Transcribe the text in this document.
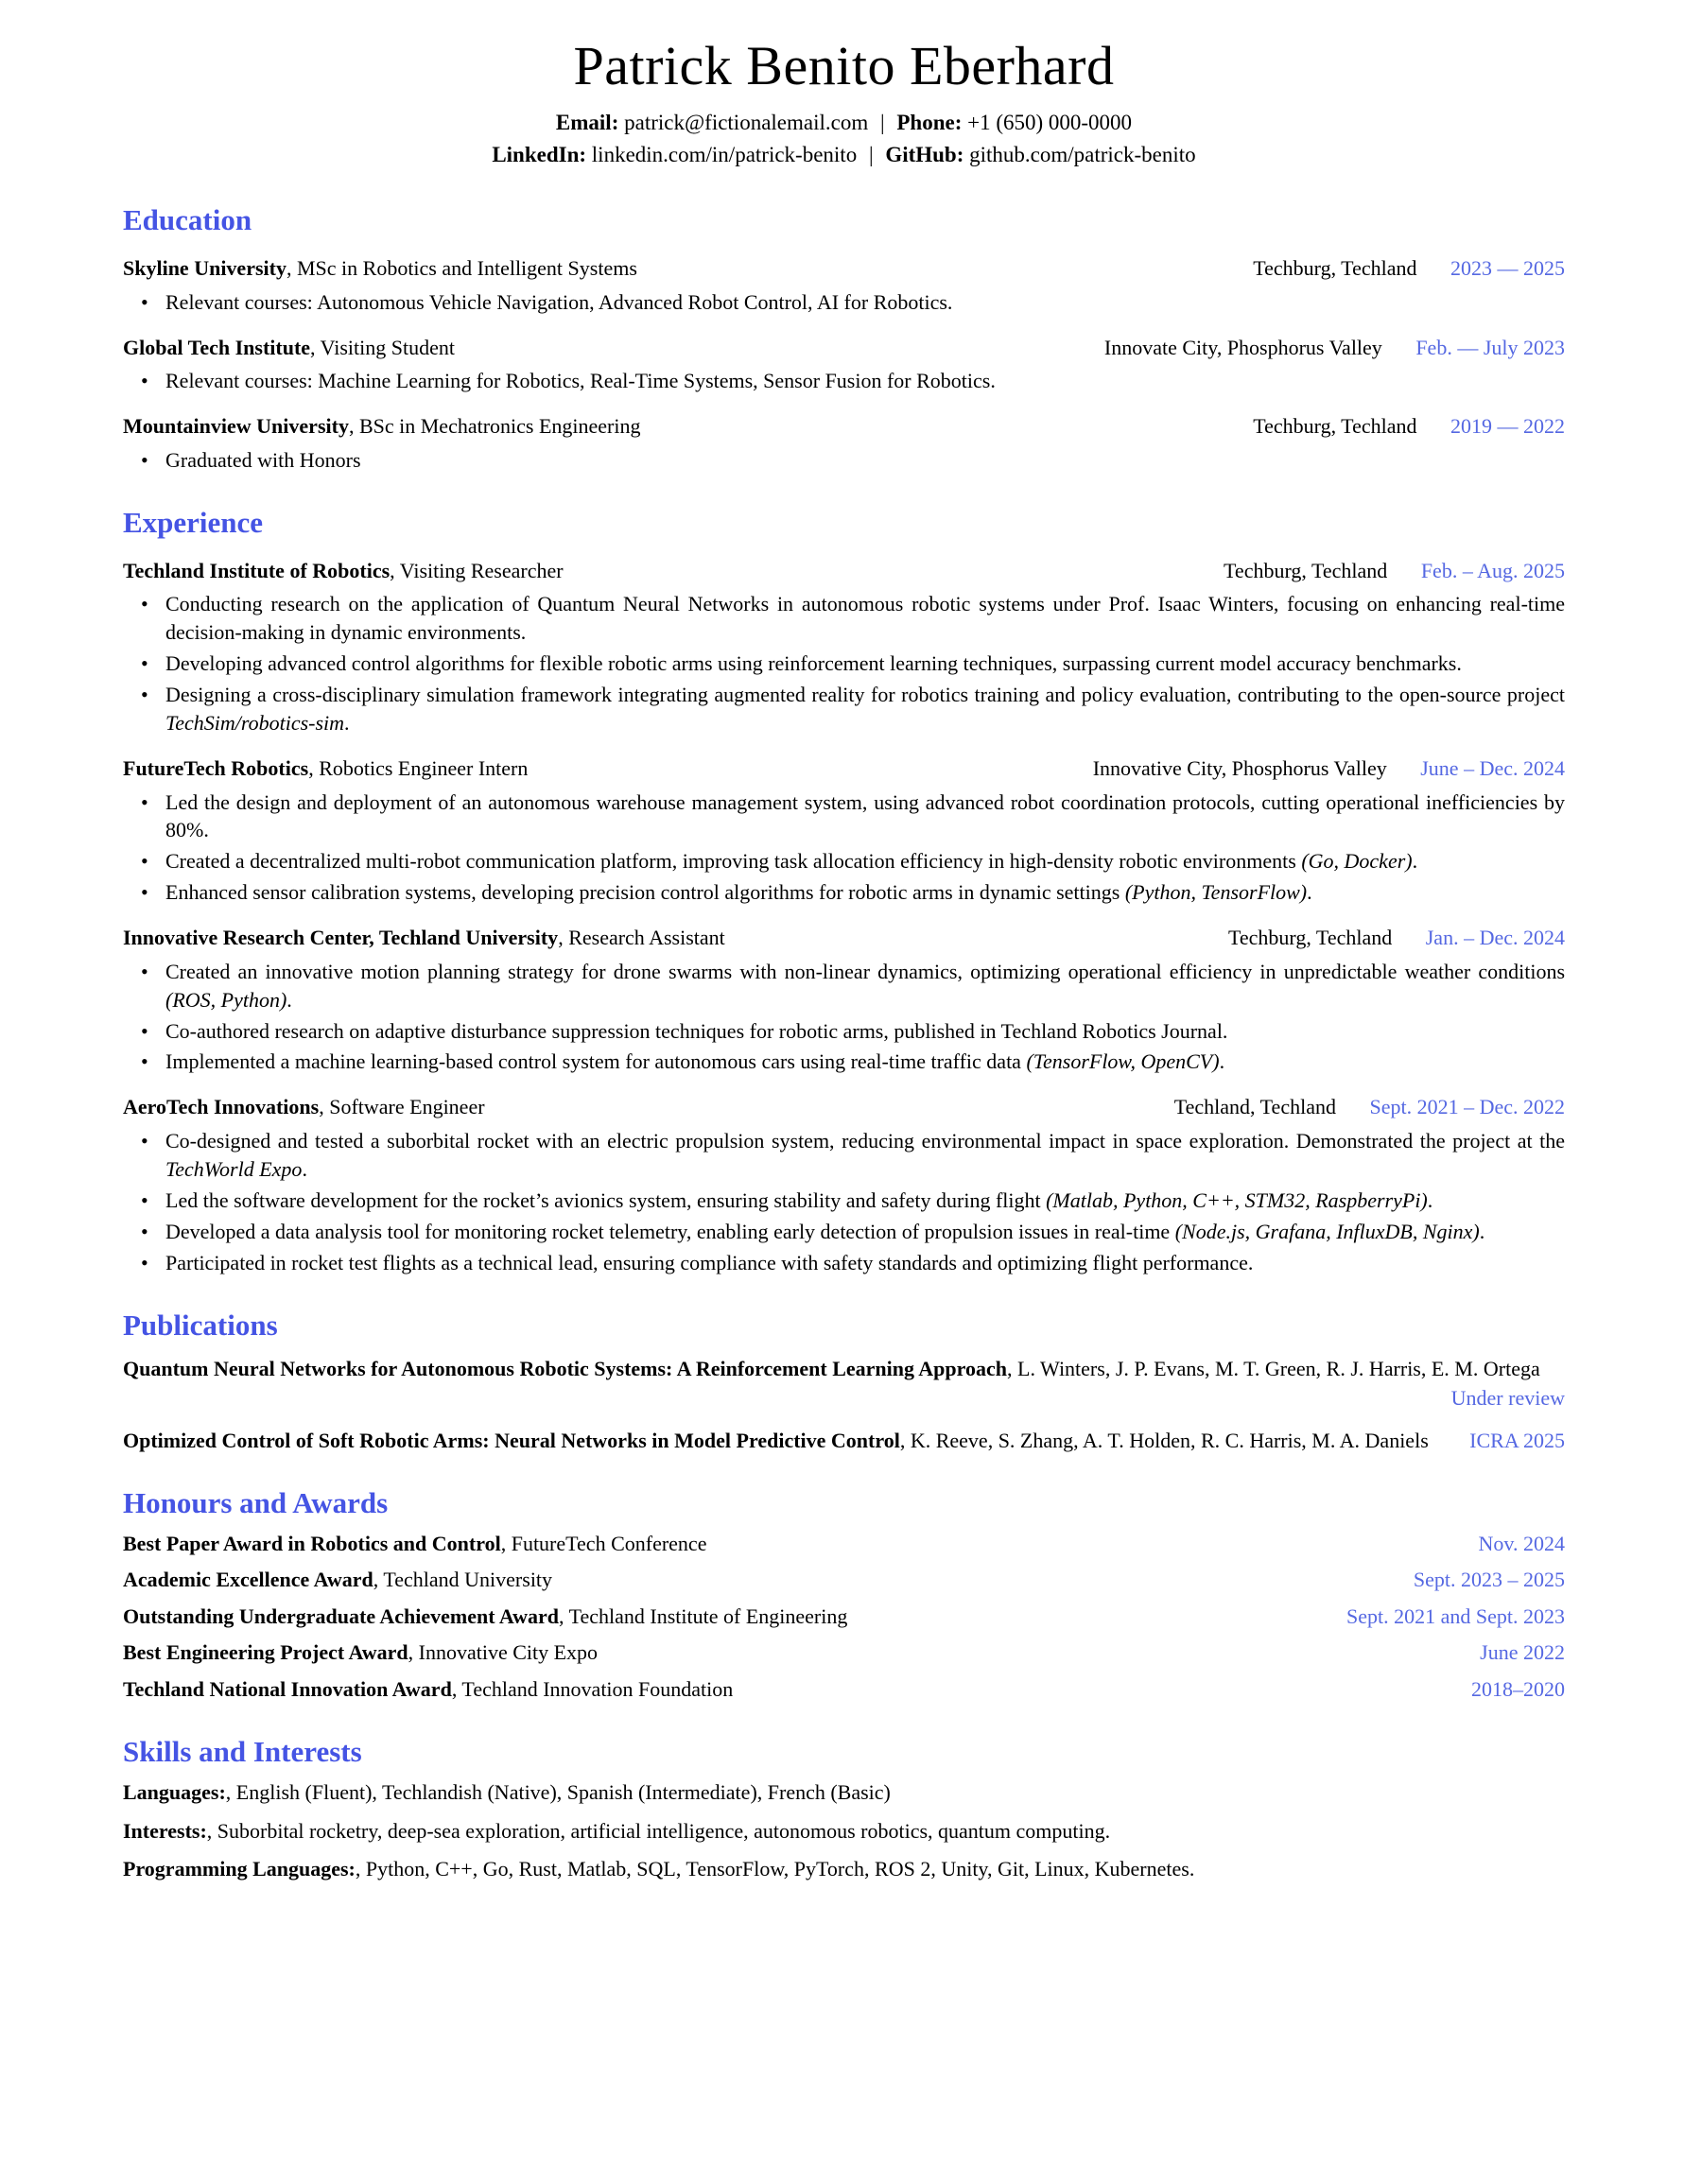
Patrick Benito Eberhard
Email: patrick@fictionalemail.com | Phone: +1 (650) 000-0000
LinkedIn: linkedin.com/in/patrick-benito | GitHub: github.com/patrick-benito
Education
Skyline University, MSc in Robotics and Intelligent Systems	Techburg, Techland 2023 — 2025
• Relevant courses: Autonomous Vehicle Navigation, Advanced Robot Control, AI for Robotics.
Global Tech Institute, Visiting Student	Innovate City, Phosphorus Valley Feb. — July 2023
• Relevant courses: Machine Learning for Robotics, Real-Time Systems, Sensor Fusion for Robotics.
Mountainview University, BSc in Mechatronics Engineering	Techburg, Techland 2019 — 2022
• Graduated with Honors
Experience
Techland Institute of Robotics, Visiting Researcher	Techburg, Techland Feb. – Aug. 2025
• Conducting research on the application of Quantum Neural Networks in autonomous robotic systems under Prof. Isaac Winters, focusing on enhancing real-time decision-making in dynamic environments.
• Developing advanced control algorithms for flexible robotic arms using reinforcement learning techniques, surpassing current model accuracy benchmarks.
• Designing a cross-disciplinary simulation framework integrating augmented reality for robotics training and policy evaluation, contributing to the open-source project TechSim/robotics-sim.
FutureTech Robotics, Robotics Engineer Intern	Innovative City, Phosphorus Valley June – Dec. 2024
• Led the design and deployment of an autonomous warehouse management system, using advanced robot coordination protocols, cutting operational inefficiencies by 80%.
• Created a decentralized multi-robot communication platform, improving task allocation efficiency in high-density robotic environments (Go, Docker).
• Enhanced sensor calibration systems, developing precision control algorithms for robotic arms in dynamic settings (Python, TensorFlow).
Innovative Research Center, Techland University, Research Assistant	Techburg, Techland Jan. – Dec. 2024
• Created an innovative motion planning strategy for drone swarms with non-linear dynamics, optimizing operational efficiency in unpredictable weather conditions (ROS, Python).
• Co-authored research on adaptive disturbance suppression techniques for robotic arms, published in Techland Robotics Journal.
• Implemented a machine learning-based control system for autonomous cars using real-time traffic data (TensorFlow, OpenCV).
AeroTech Innovations, Software Engineer	Techland, Techland Sept. 2021 – Dec. 2022
• Co-designed and tested a suborbital rocket with an electric propulsion system, reducing environmental impact in space exploration. Demonstrated the project at the TechWorld Expo.
• Led the software development for the rocket’s avionics system, ensuring stability and safety during flight (Matlab, Python, C++, STM32, RaspberryPi).
• Developed a data analysis tool for monitoring rocket telemetry, enabling early detection of propulsion issues in real-time (Node.js, Grafana, InfluxDB, Nginx).
• Participated in rocket test flights as a technical lead, ensuring compliance with safety standards and optimizing flight performance.
Publications

Quantum Neural Networks for Autonomous Robotic Systems: A Reinforcement Learning Approach, L. Winters, J. P. Evans, M. T. Green, R. J. Harris, E. M. Ortega
Under review

Optimized Control of Soft Robotic Arms: Neural Networks in Model Predictive Control, K. Reeve, S. Zhang, A. T. Holden, R. C. Harris, M. A. Daniels ICRA 2025

Honours and Awards
Best Paper Award in Robotics and Control, FutureTech Conference	Nov. 2024
Academic Excellence Award, Techland University	Sept. 2023 – 2025
Outstanding Undergraduate Achievement Award, Techland Institute of Engineering	Sept. 2021 and Sept. 2023
Best Engineering Project Award, Innovative City Expo	June 2022
Techland National Innovation Award, Techland Innovation Foundation	2018–2020
Skills and Interests

Languages:, English (Fluent), Techlandish (Native), Spanish (Intermediate), French (Basic)

Interests:, Suborbital rocketry, deep-sea exploration, artificial intelligence, autonomous robotics, quantum computing.

Programming Languages:, Python, C++, Go, Rust, Matlab, SQL, TensorFlow, PyTorch, ROS 2, Unity, Git, Linux, Kubernetes.
